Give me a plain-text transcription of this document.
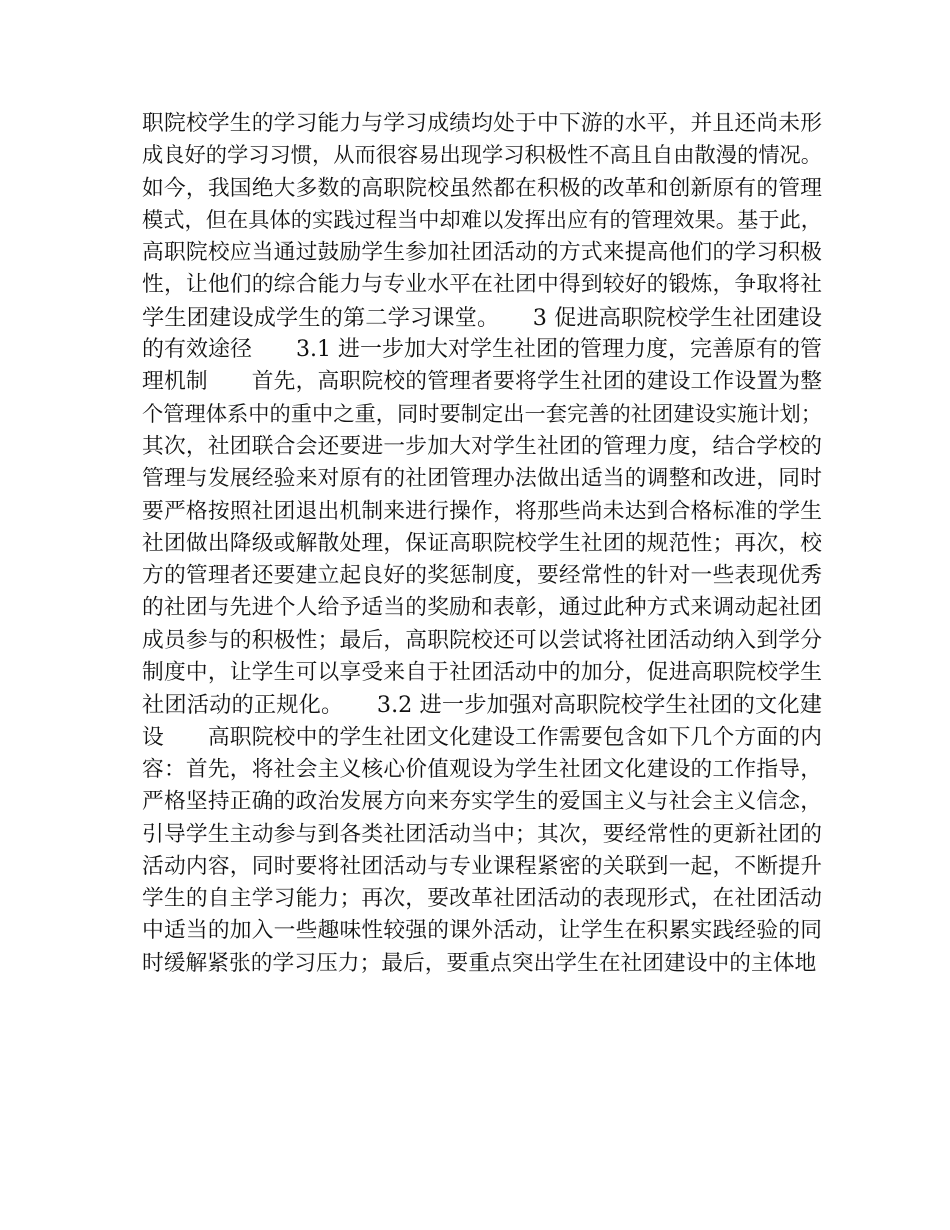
职院校学生的学习能力与学习成绩均处于中下游的水平，并且还尚未形
成良好的学习习惯，从而很容易出现学习积极性不高且自由散漫的情况。
如今，我国绝大多数的高职院校虽然都在积极的改革和创新原有的管理
模式，但在具体的实践过程当中却难以发挥出应有的管理效果。基于此，
高职院校应当通过鼓励学生参加社团活动的方式来提高他们的学习积极
性，让他们的综合能力与专业水平在社团中得到较好的锻炼，争取将社
学生团建设成学生的第二学习课堂。　　3 促进高职院校学生社团建设
的有效途径　　3.1 进一步加大对学生社团的管理力度，完善原有的管
理机制　　首先，高职院校的管理者要将学生社团的建设工作设置为整
个管理体系中的重中之重，同时要制定出一套完善的社团建设实施计划；
其次，社团联合会还要进一步加大对学生社团的管理力度，结合学校的
管理与发展经验来对原有的社团管理办法做出适当的调整和改进，同时
要严格按照社团退出机制来进行操作，将那些尚未达到合格标准的学生
社团做出降级或解散处理，保证高职院校学生社团的规范性；再次，校
方的管理者还要建立起良好的奖惩制度，要经常性的针对一些表现优秀
的社团与先进个人给予适当的奖励和表彰，通过此种方式来调动起社团
成员参与的积极性；最后，高职院校还可以尝试将社团活动纳入到学分
制度中，让学生可以享受来自于社团活动中的加分，促进高职院校学生
社团活动的正规化。　　3.2 进一步加强对高职院校学生社团的文化建
设　　高职院校中的学生社团文化建设工作需要包含如下几个方面的内
容：首先，将社会主义核心价值观设为学生社团文化建设的工作指导，
严格坚持正确的政治发展方向来夯实学生的爱国主义与社会主义信念，
引导学生主动参与到各类社团活动当中；其次，要经常性的更新社团的
活动内容，同时要将社团活动与专业课程紧密的关联到一起，不断提升
学生的自主学习能力；再次，要改革社团活动的表现形式，在社团活动
中适当的加入一些趣味性较强的课外活动，让学生在积累实践经验的同
时缓解紧张的学习压力；最后，要重点突出学生在社团建设中的主体地
